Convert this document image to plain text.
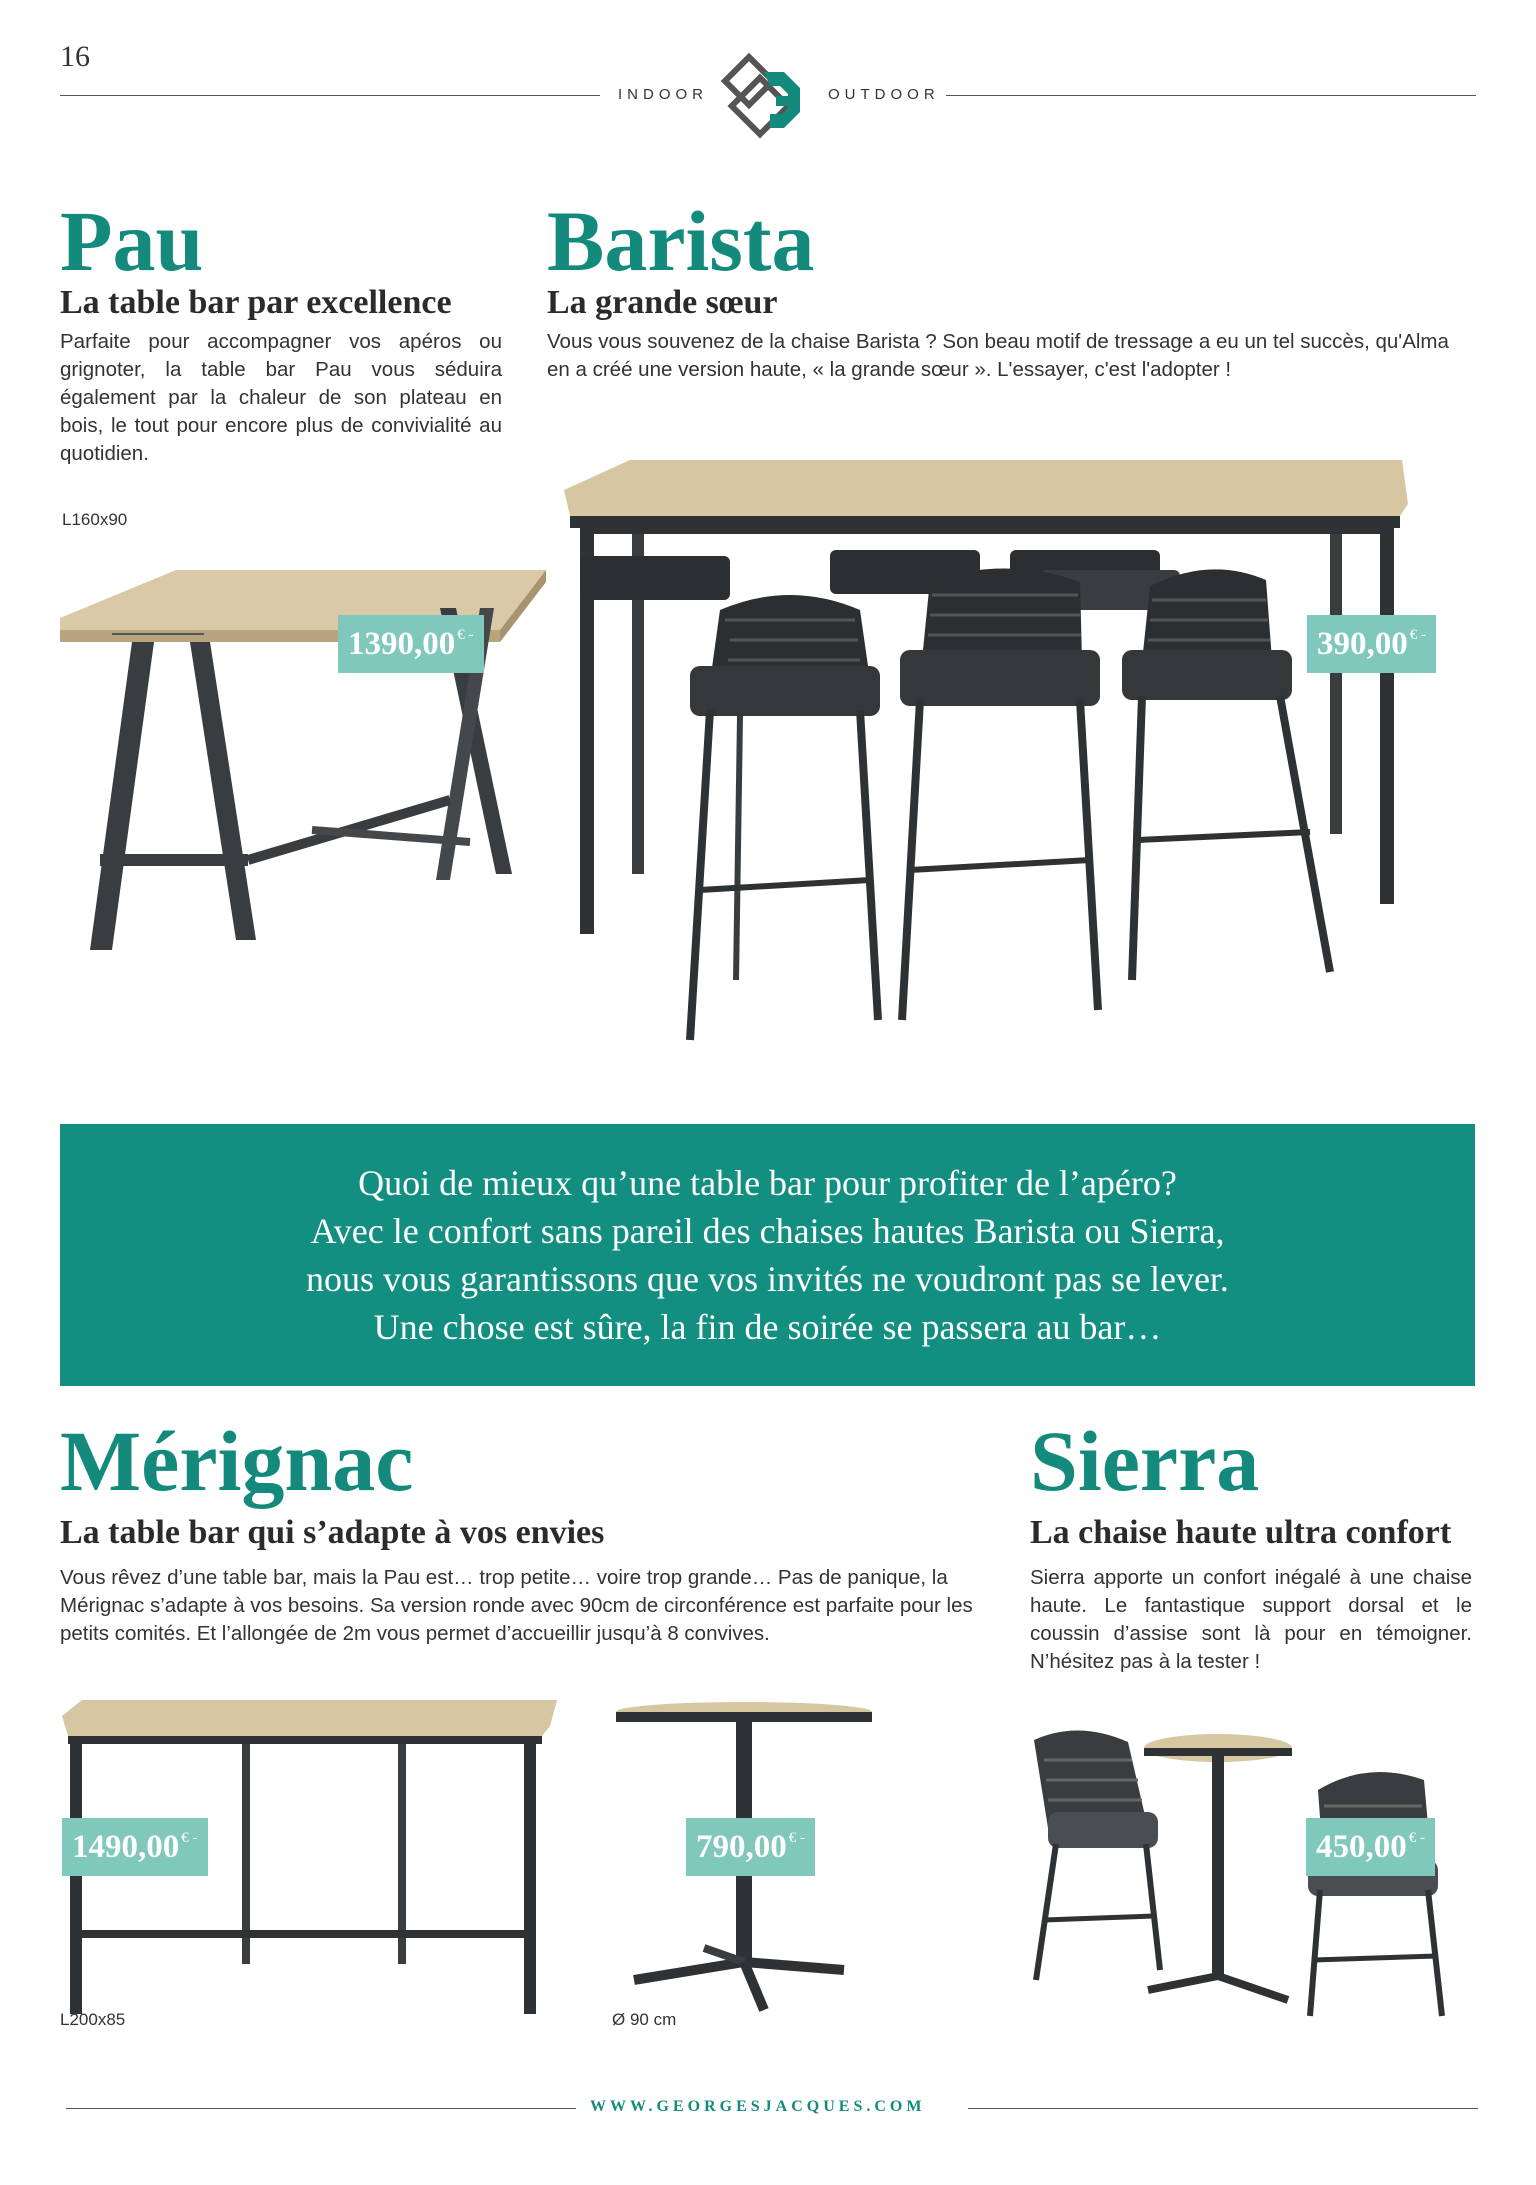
16
INDOOR	OUTDOOR
Pau
La table bar par excellence
Parfaite pour accompagner vos apéros ou grignoter, la table bar Pau vous séduira également par la chaleur de son plateau en bois, le tout pour encore plus de convivialité au quotidien.
L160x90
1390,00 € -
Barista
La grande sœur
Vous vous souvenez de la chaise Barista ? Son beau motif de tressage a eu un tel succès, qu'Alma en a créé une version haute, « la grande sœur ». L'essayer, c'est l'adopter !
390,00 € -
Quoi de mieux qu’une table bar pour profiter de l’apéro?
Avec le confort sans pareil des chaises hautes Barista ou Sierra,
nous vous garantissons que vos invités ne voudront pas se lever.
Une chose est sûre, la fin de soirée se passera au bar…
Mérignac
La table bar qui s’adapte à vos envies
Vous rêvez d’une table bar, mais la Pau est… trop petite… voire trop grande… Pas de panique, la Mérignac s’adapte à vos besoins. Sa version ronde avec 90cm de circonférence est parfaite pour les petits comités. Et l’allongée de 2m vous permet d’accueillir jusqu’à 8 convives.
1490,00 € -
L200x85
790,00 € -
Ø 90 cm
Sierra
La chaise haute ultra confort
Sierra apporte un confort inégalé à une chaise haute. Le fantastique support dorsal et le coussin d’assise sont là pour en témoigner. N’hésitez pas à la tester !
450,00 € -
WWW.GEORGESJACQUES.COM
